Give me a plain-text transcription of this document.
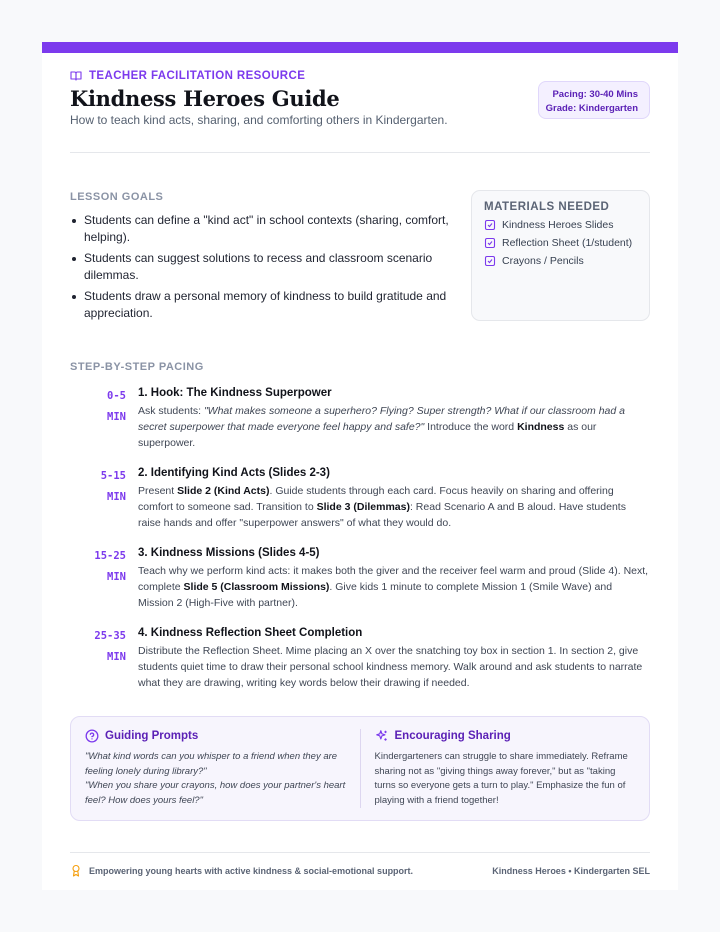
TEACHER FACILITATION RESOURCE
Kindness Heroes Guide
How to teach kind acts, sharing, and comforting others in Kindergarten.
Pacing: 30-40 Mins
Grade: Kindergarten
LESSON GOALS
Students can define a "kind act" in school contexts (sharing, comfort, helping).
Students can suggest solutions to recess and classroom scenario dilemmas.
Students draw a personal memory of kindness to build gratitude and appreciation.
MATERIALS NEEDED
Kindness Heroes Slides
Reflection Sheet (1/student)
Crayons / Pencils
STEP-BY-STEP PACING
0-5
MIN
1. Hook: The Kindness Superpower
Ask students: "What makes someone a superhero? Flying? Super strength? What if our classroom had a secret superpower that made everyone feel happy and safe?" Introduce the word Kindness as our superpower.
5-15
MIN
2. Identifying Kind Acts (Slides 2-3)
Present Slide 2 (Kind Acts). Guide students through each card. Focus heavily on sharing and offering comfort to someone sad. Transition to Slide 3 (Dilemmas): Read Scenario A and B aloud. Have students raise hands and offer "superpower answers" of what they would do.
15-25
MIN
3. Kindness Missions (Slides 4-5)
Teach why we perform kind acts: it makes both the giver and the receiver feel warm and proud (Slide 4). Next, complete Slide 5 (Classroom Missions). Give kids 1 minute to complete Mission 1 (Smile Wave) and Mission 2 (High-Five with partner).
25-35
MIN
4. Kindness Reflection Sheet Completion
Distribute the Reflection Sheet. Mime placing an X over the snatching toy box in section 1. In section 2, give students quiet time to draw their personal school kindness memory. Walk around and ask students to narrate what they are drawing, writing key words below their drawing if needed.
Guiding Prompts
"What kind words can you whisper to a friend when they are feeling lonely during library?"
"When you share your crayons, how does your partner's heart feel? How does yours feel?"
Encouraging Sharing
Kindergarteners can struggle to share immediately. Reframe sharing not as "giving things away forever," but as "taking turns so everyone gets a turn to play." Emphasize the fun of playing with a friend together!
Empowering young hearts with active kindness & social-emotional support.	Kindness Heroes • Kindergarten SEL
